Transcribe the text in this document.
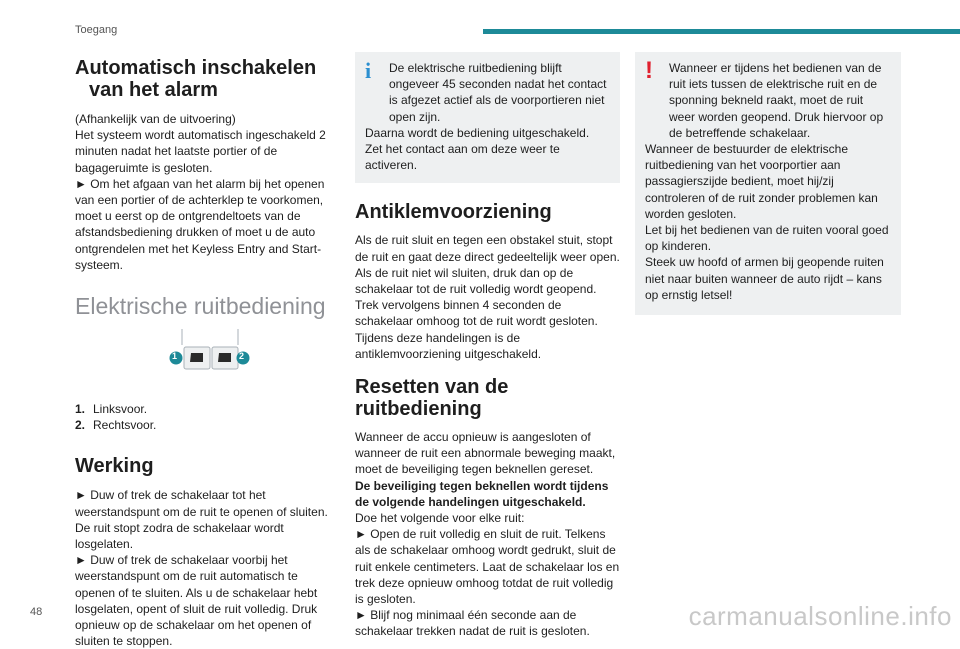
Toegang
Automatisch inschakelen van het alarm

(Afhankelijk van de uitvoering)

Het systeem wordt automatisch ingeschakeld 2 minuten nadat het laatste portier of de bagageruimte is gesloten.

► Om het afgaan van het alarm bij het openen van een portier of de achterklep te voorkomen, moet u eerst op de ontgrendeltoets van de afstandsbediening drukken of moet u de auto ontgrendelen met het Keyless Entry and Start-systeem.

Elektrische ruitbediening
1	2
1. Linksvoor.
2. Rechtsvoor.
Werking

► Duw of trek de schakelaar tot het weerstandspunt om de ruit te openen of sluiten. De ruit stopt zodra de schakelaar wordt losgelaten.

► Duw of trek de schakelaar voorbij het weerstandspunt om de ruit automatisch te openen of te sluiten. Als u de schakelaar hebt losgelaten, opent of sluit de ruit volledig. Druk opnieuw op de schakelaar om het openen of sluiten te stoppen.

i	De elektrische ruitbediening blijft ongeveer 45 seconden nadat het contact is afgezet actief als de voorportieren niet open zijn.

Daarna wordt de bediening uitgeschakeld. Zet het contact aan om deze weer te activeren.

Antiklemvoorziening

Als de ruit sluit en tegen een obstakel stuit, stopt de ruit en gaat deze direct gedeeltelijk weer open.

Als de ruit niet wil sluiten, druk dan op de schakelaar tot de ruit volledig wordt geopend. Trek vervolgens binnen 4 seconden de schakelaar omhoog tot de ruit wordt gesloten.

Tijdens deze handelingen is de antiklemvoorziening uitgeschakeld.

Resetten van de ruitbediening

Wanneer de accu opnieuw is aangesloten of wanneer de ruit een abnormale beweging maakt, moet de beveiliging tegen beknellen gereset.

De beveiliging tegen beknellen wordt tijdens de volgende handelingen uitgeschakeld.

Doe het volgende voor elke ruit:

► Open de ruit volledig en sluit de ruit. Telkens als de schakelaar omhoog wordt gedrukt, sluit de ruit enkele centimeters. Laat de schakelaar los en trek deze opnieuw omhoog totdat de ruit volledig is gesloten.

► Blijf nog minimaal één seconde aan de schakelaar trekken nadat de ruit is gesloten.

!	Wanneer er tijdens het bedienen van de ruit iets tussen de elektrische ruit en de sponning bekneld raakt, moet de ruit weer worden geopend. Druk hiervoor op de betreffende schakelaar.

Wanneer de bestuurder de elektrische ruitbediening van het voorportier aan passagierszijde bedient, moet hij/zij controleren of de ruit zonder problemen kan worden gesloten.

Let bij het bedienen van de ruiten vooral goed op kinderen.

Steek uw hoofd of armen bij geopende ruiten niet naar buiten wanneer de auto rijdt – kans op ernstig letsel!

48	carmanualsonline.info
